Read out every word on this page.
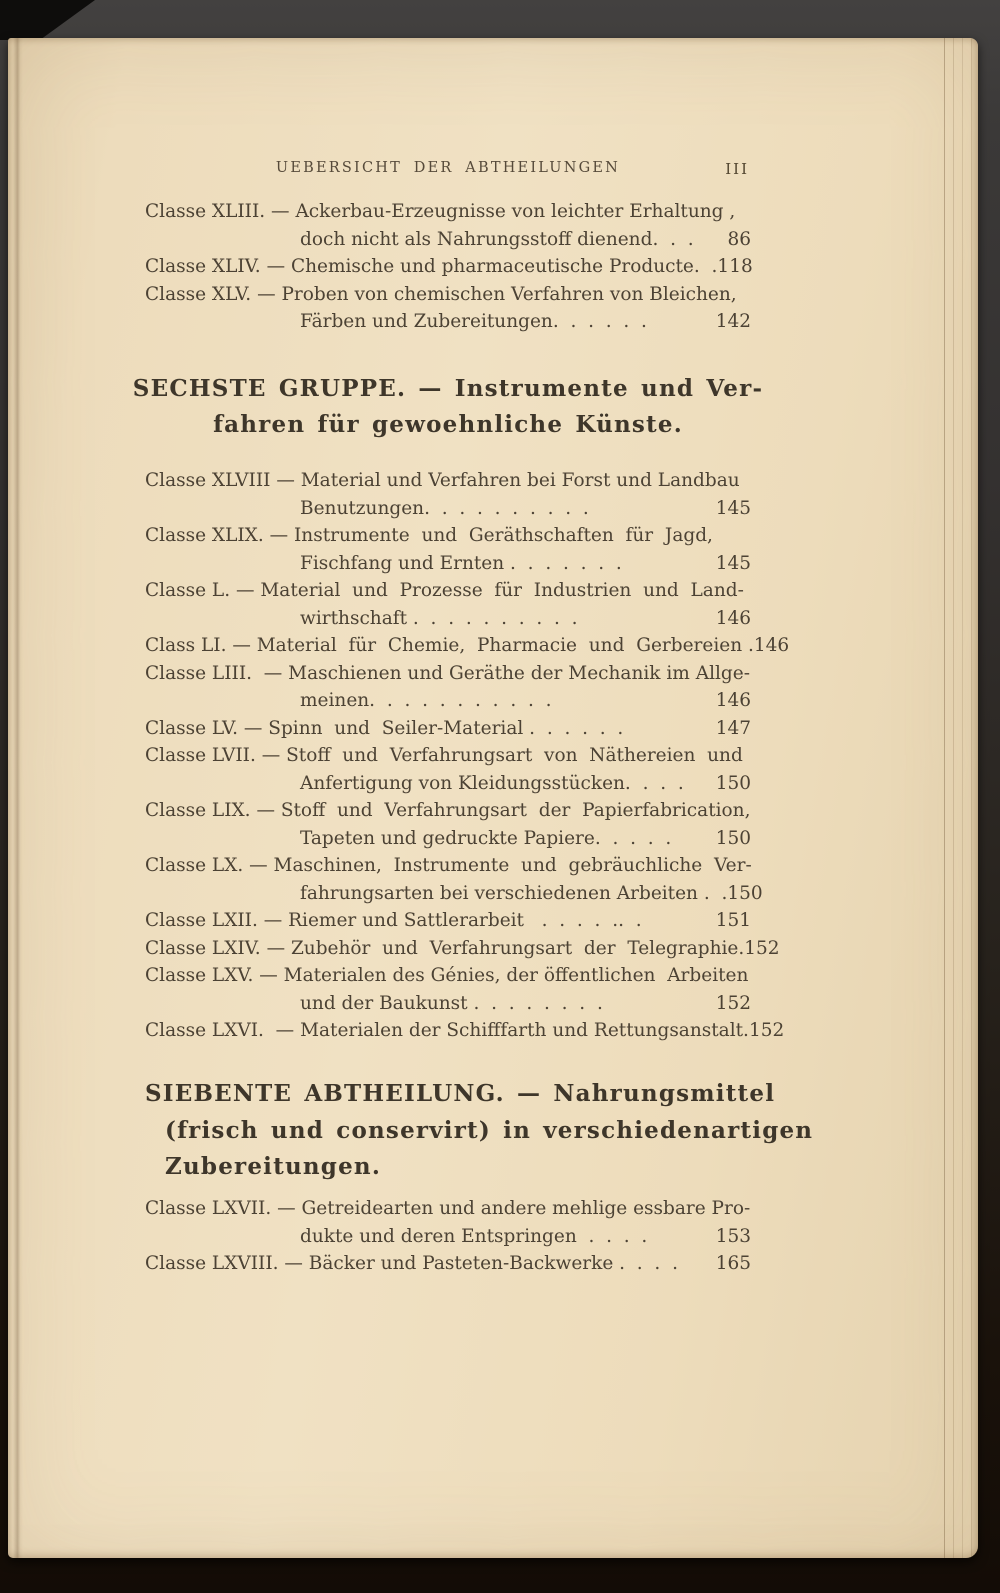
UEBERSICHT DER ABTHEILUNGEN	III
Classe XLIII. — Ackerbau-Erzeugnisse von leichter Erhaltung ,
doch nicht als Nahrungsstoff dienend.  .  .	86
Classe XLIV. — Chemische und pharmaceutische Producte.  . 118
Classe XLV. — Proben von chemischen Verfahren von Bleichen,
Färben und Zubereitungen.  .  .  .  .  .	142
SECHSTE GRUPPE. — Instrumente und Ver-
fahren für gewoehnliche Künste.
Classe XLVIII — Material und Verfahren bei Forst und Landbau
Benutzungen.  .  .  .  .  .  .  .  .  .	145
Classe XLIX. — Instrumente  und  Geräthschaften  für  Jagd,
Fischfang und Ernten .  .  .  .  .  .  .	145
Classe L. — Material  und  Prozesse  für  Industrien  und  Land-
wirthschaft .  .  .  .  .  .  .  .  .  .	146
Class LI. — Material  für  Chemie,  Pharmacie  und  Gerbereien . 146
Classe LIII.  — Maschienen und Geräthe der Mechanik im Allge-
meinen.  .  .  .  .  .  .  .  .  .  .	146
Classe LV. — Spinn  und  Seiler-Material .  .  .  .  .  .	147
Classe LVII. — Stoff  und  Verfahrungsart  von  Näthereien  und
Anfertigung von Kleidungsstücken.  .  .  . 150
Classe LIX. — Stoff  und  Verfahrungsart  der  Papierfabrication,
Tapeten und gedruckte Papiere.  .  .  .  . 150
Classe LX. — Maschinen,  Instrumente  und  gebräuchliche  Ver-
fahrungsarten bei verschiedenen Arbeiten .  . 150
Classe LXII. — Riemer und Sattlerarbeit   .  .  .  .  ..  .	151
Classe LXIV. — Zubehör  und  Verfahrungsart  der  Telegraphie. 152
Classe LXV. — Materialen des Génies, der öffentlichen  Arbeiten
und der Baukunst .  .  .  .  .  .  .  .	152
Classe LXVI.  — Materialen der Schifffarth und Rettungsanstalt. 152
SIEBENTE ABTHEILUNG. — Nahrungsmittel
(frisch und conservirt) in verschiedenartigen
Zubereitungen.
Classe LXVII. — Getreidearten und andere mehlige essbare Pro-
dukte und deren Entspringen  .  .  .  .	153
Classe LXVIII. — Bäcker und Pasteten-Backwerke .  .  .  . 165
